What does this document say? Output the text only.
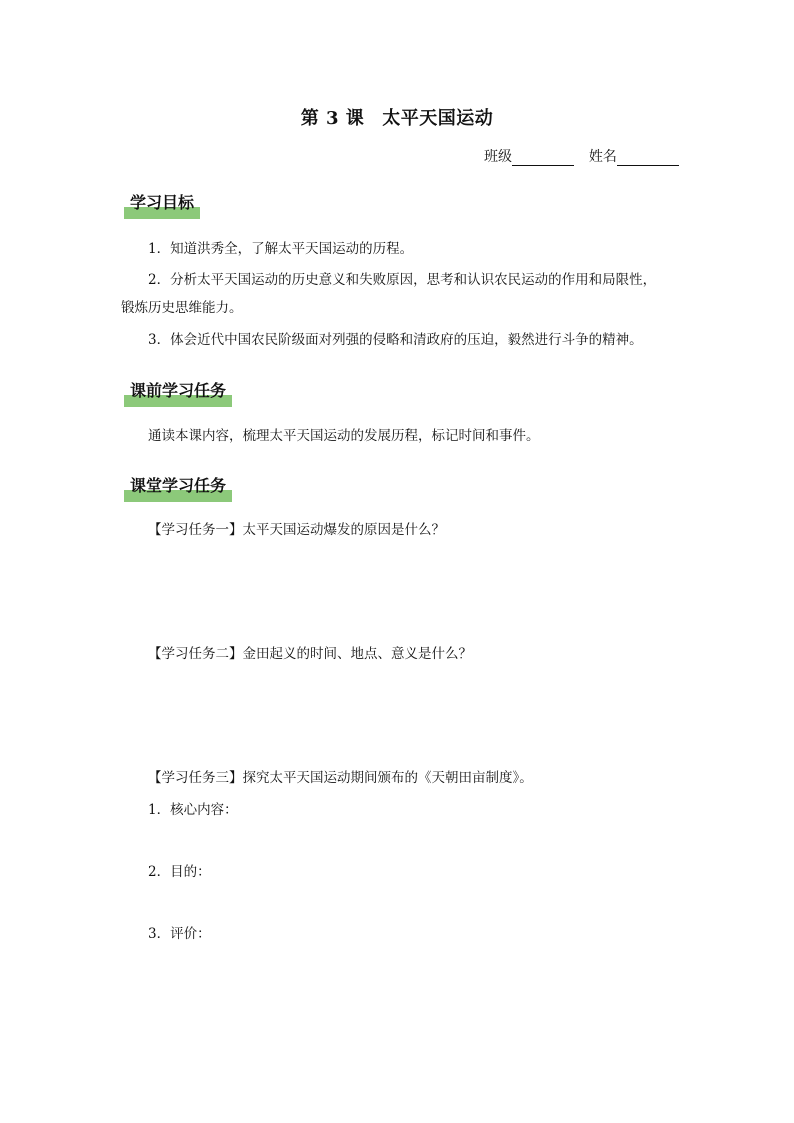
第 3 课 太平天国运动
班级	姓名
学习目标
1．知道洪秀全，了解太平天国运动的历程。
2．分析太平天国运动的历史意义和失败原因，思考和认识农民运动的作用和局限性，
锻炼历史思维能力。
3．体会近代中国农民阶级面对列强的侵略和清政府的压迫，毅然进行斗争的精神。
课前学习任务
通读本课内容，梳理太平天国运动的发展历程，标记时间和事件。
课堂学习任务
【学习任务一】太平天国运动爆发的原因是什么？
【学习任务二】金田起义的时间、地点、意义是什么？
【学习任务三】探究太平天国运动期间颁布的《天朝田亩制度》。
1．核心内容：
2．目的：
3．评价：
